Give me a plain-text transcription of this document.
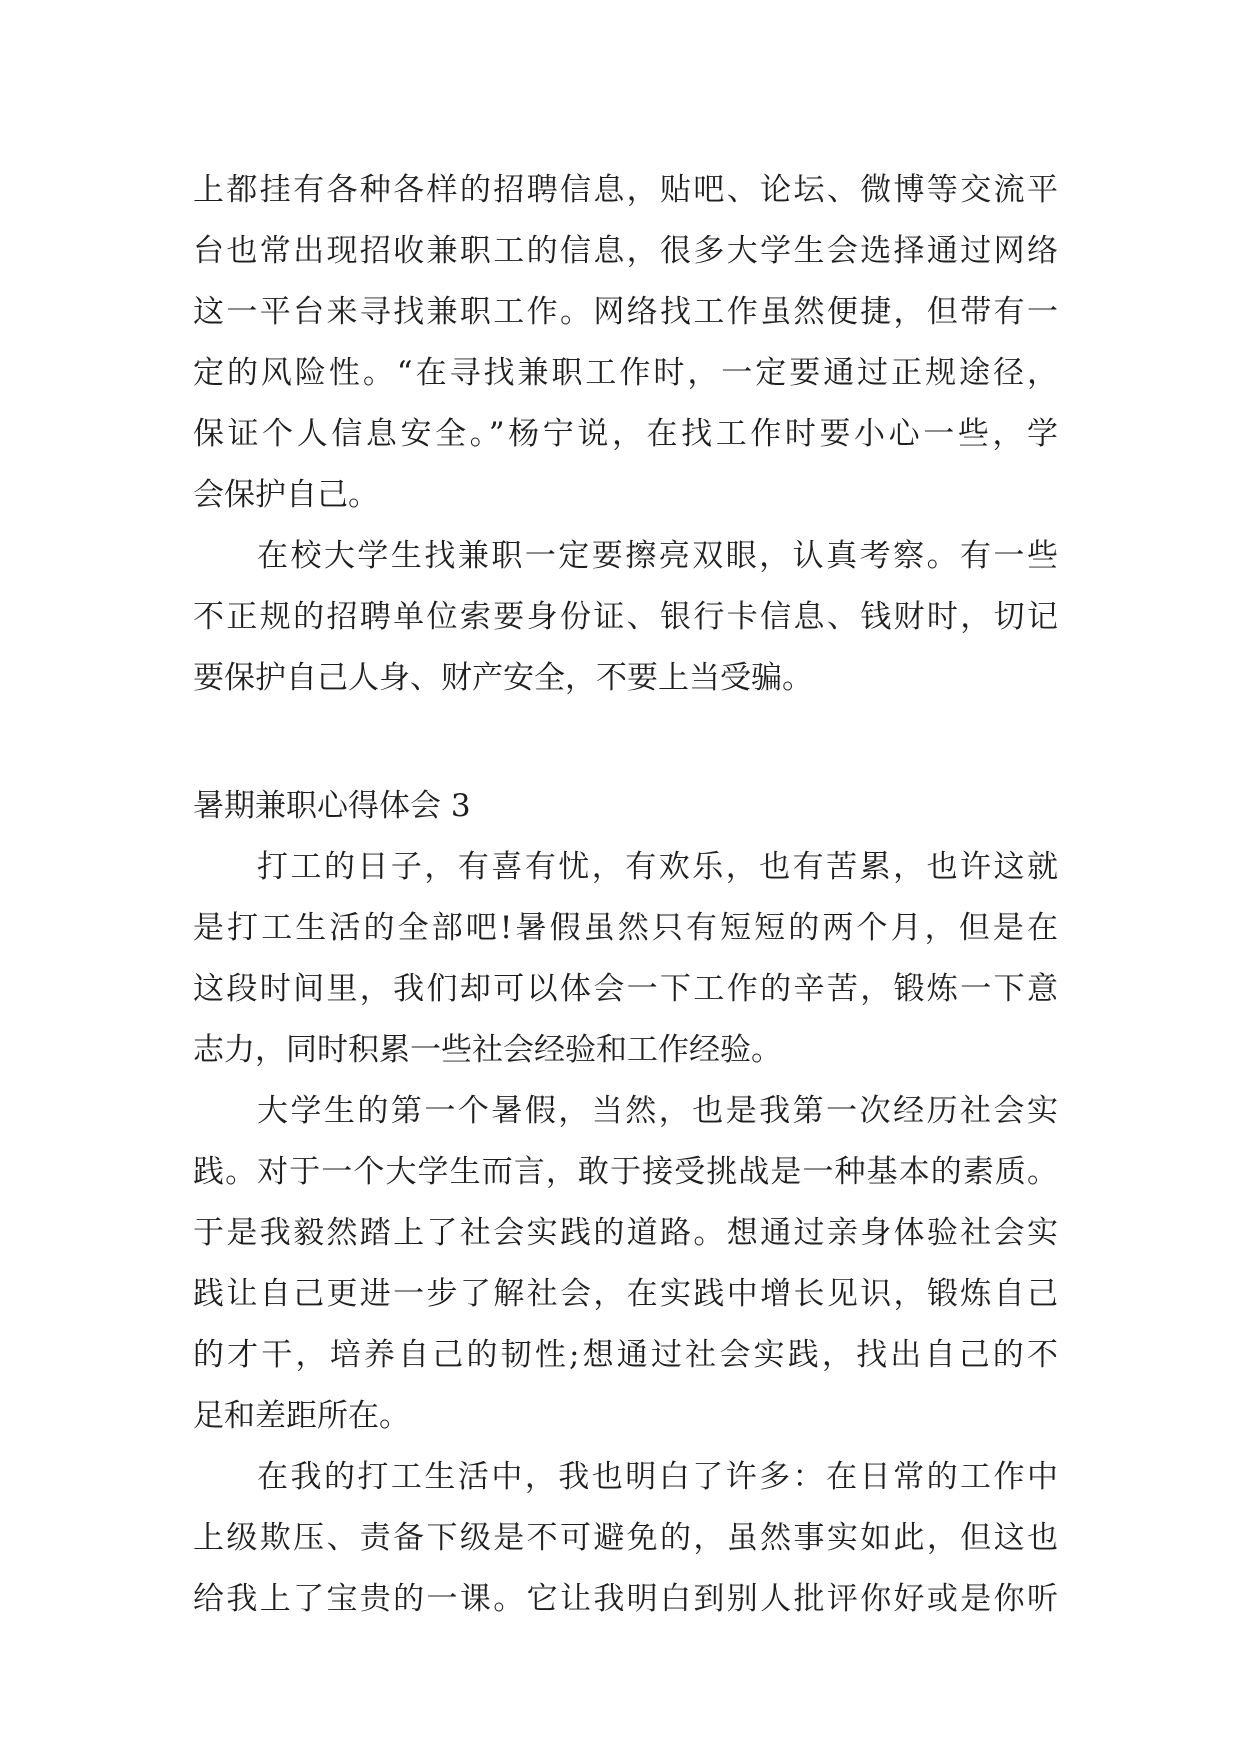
上都挂有各种各样的招聘信息，贴吧、论坛、微博等交流平
台也常出现招收兼职工的信息，很多大学生会选择通过网络
这一平台来寻找兼职工作。网络找工作虽然便捷，但带有一
定的风险性。“在寻找兼职工作时，一定要通过正规途径，
保证个人信息安全。”杨宁说，在找工作时要小心一些，学
会保护自己。
在校大学生找兼职一定要擦亮双眼，认真考察。有一些
不正规的招聘单位索要身份证、银行卡信息、钱财时，切记
要保护自己人身、财产安全，不要上当受骗。
暑期兼职心得体会 3
打工的日子，有喜有忧，有欢乐，也有苦累，也许这就
是打工生活的全部吧!暑假虽然只有短短的两个月，但是在
这段时间里，我们却可以体会一下工作的辛苦，锻炼一下意
志力，同时积累一些社会经验和工作经验。
大学生的第一个暑假，当然，也是我第一次经历社会实
践。对于一个大学生而言，敢于接受挑战是一种基本的素质。
于是我毅然踏上了社会实践的道路。想通过亲身体验社会实
践让自己更进一步了解社会，在实践中增长见识，锻炼自己
的才干，培养自己的韧性;想通过社会实践，找出自己的不
足和差距所在。
在我的打工生活中，我也明白了许多：在日常的工作中
上级欺压、责备下级是不可避免的，虽然事实如此，但这也
给我上了宝贵的一课。它让我明白到别人批评你好或是你听
